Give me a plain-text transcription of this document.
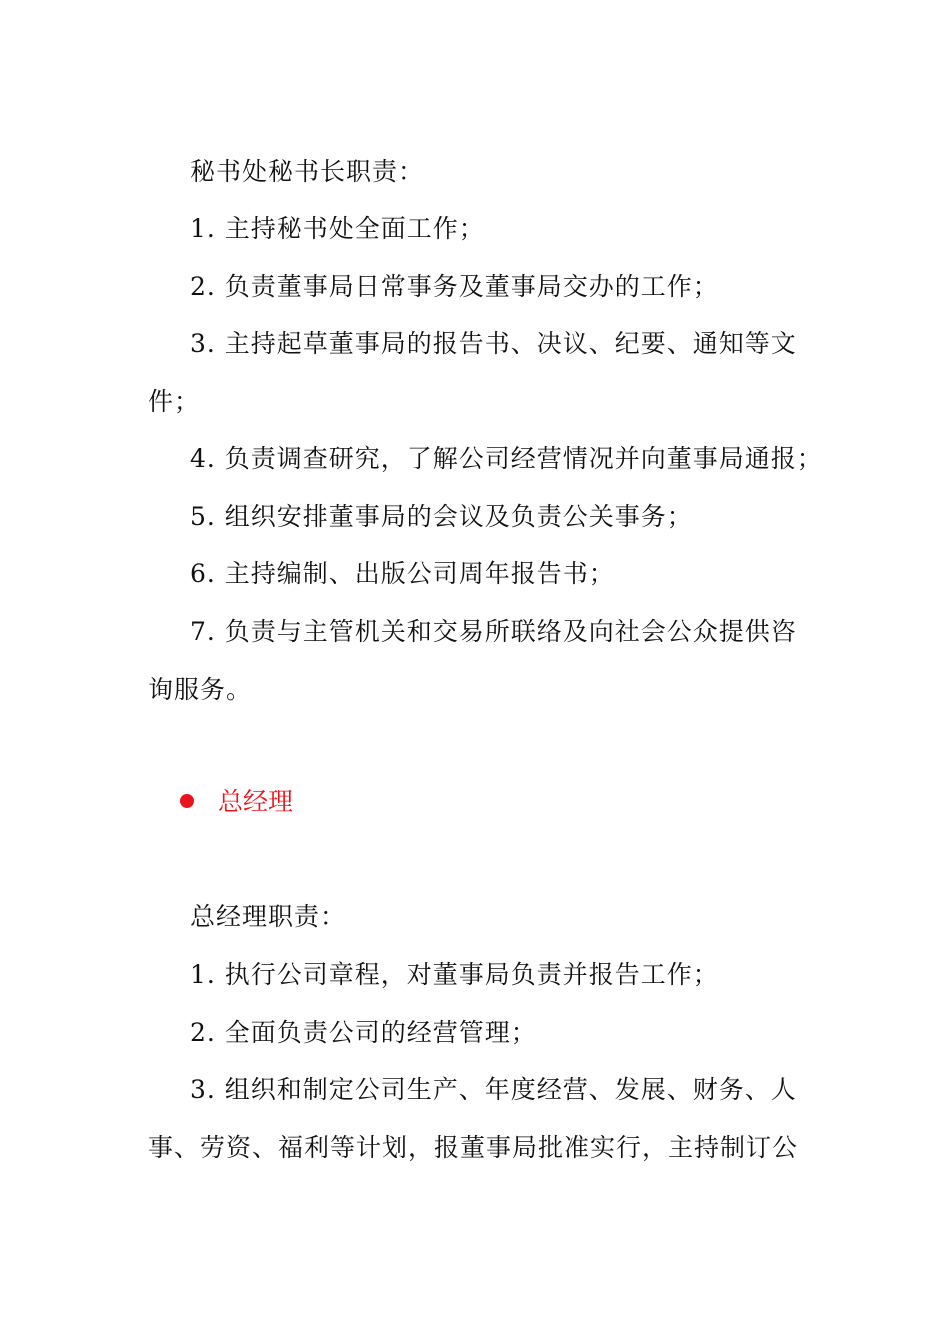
秘书处秘书长职责：
1. 主持秘书处全面工作；
2. 负责董事局日常事务及董事局交办的工作；
3. 主持起草董事局的报告书、决议、纪要、通知等文
件；
4. 负责调查研究，了解公司经营情况并向董事局通报；
5. 组织安排董事局的会议及负责公关事务；
6. 主持编制、出版公司周年报告书；
7. 负责与主管机关和交易所联络及向社会公众提供咨
询服务。
总经理
总经理职责：
1. 执行公司章程，对董事局负责并报告工作；
2. 全面负责公司的经营管理；
3. 组织和制定公司生产、年度经营、发展、财务、人
事、劳资、福利等计划，报董事局批准实行，主持制订公
